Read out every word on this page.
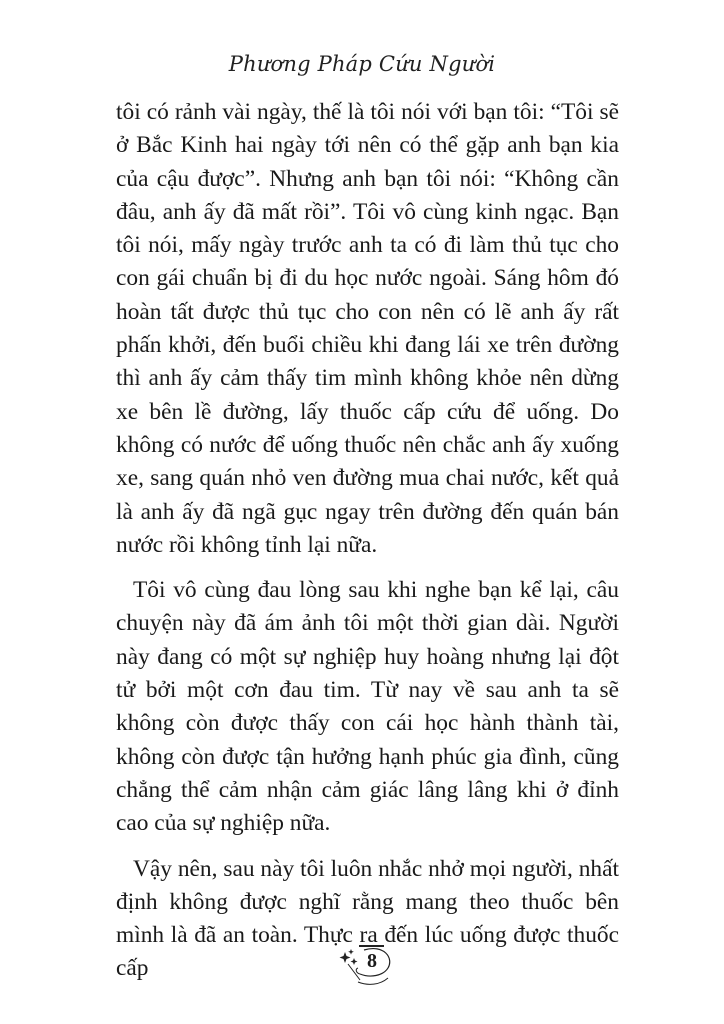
Phương Pháp Cứu Người

tôi có rảnh vài ngày, thế là tôi nói với bạn tôi: “Tôi sẽ ở Bắc Kinh hai ngày tới nên có thể gặp anh bạn kia của cậu được”. Nhưng anh bạn tôi nói: “Không cần đâu, anh ấy đã mất rồi”. Tôi vô cùng kinh ngạc. Bạn tôi nói, mấy ngày trước anh ta có đi làm thủ tục cho con gái chuẩn bị đi du học nước ngoài. Sáng hôm đó hoàn tất được thủ tục cho con nên có lẽ anh ấy rất phấn khởi, đến buổi chiều khi đang lái xe trên đường thì anh ấy cảm thấy tim mình không khỏe nên dừng xe bên lề đường, lấy thuốc cấp cứu để uống. Do không có nước để uống thuốc nên chắc anh ấy xuống xe, sang quán nhỏ ven đường mua chai nước, kết quả là anh ấy đã ngã gục ngay trên đường đến quán bán nước rồi không tỉnh lại nữa.

Tôi vô cùng đau lòng sau khi nghe bạn kể lại, câu chuyện này đã ám ảnh tôi một thời gian dài. Người này đang có một sự nghiệp huy hoàng nhưng lại đột tử bởi một cơn đau tim. Từ nay về sau anh ta sẽ không còn được thấy con cái học hành thành tài, không còn được tận hưởng hạnh phúc gia đình, cũng chẳng thể cảm nhận cảm giác lâng lâng khi ở đỉnh cao của sự nghiệp nữa.

Vậy nên, sau này tôi luôn nhắc nhở mọi người, nhất định không được nghĩ rằng mang theo thuốc bên mình là đã an toàn. Thực ra đến lúc uống được thuốc cấp	8
